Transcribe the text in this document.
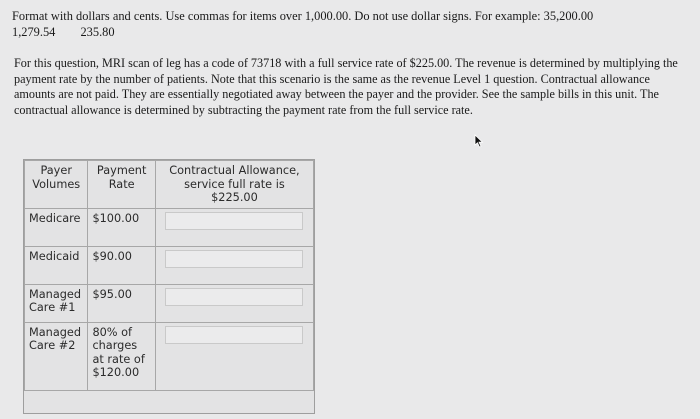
Format with dollars and cents. Use commas for items over 1,000.00. Do not use dollar signs. For example: 35,200.00
1,279.54 235.80
For this question, MRI scan of leg has a code of 73718 with a full service rate of $225.00. The revenue is determined by multiplying the payment rate by the number of patients. Note that this scenario is the same as the revenue Level 1 question. Contractual allowance amounts are not paid. They are essentially negotiated away between the payer and the provider. See the sample bills in this unit. The contractual allowance is determined by subtracting the payment rate from the full service rate.
Payer Volumes	Payment Rate	Contractual Allowance, service full rate is $225.00
Medicare	$100.00	

Medicaid	$90.00	

Managed Care #1	$95.00	

Managed Care #2	80% of charges at rate of $120.00	
